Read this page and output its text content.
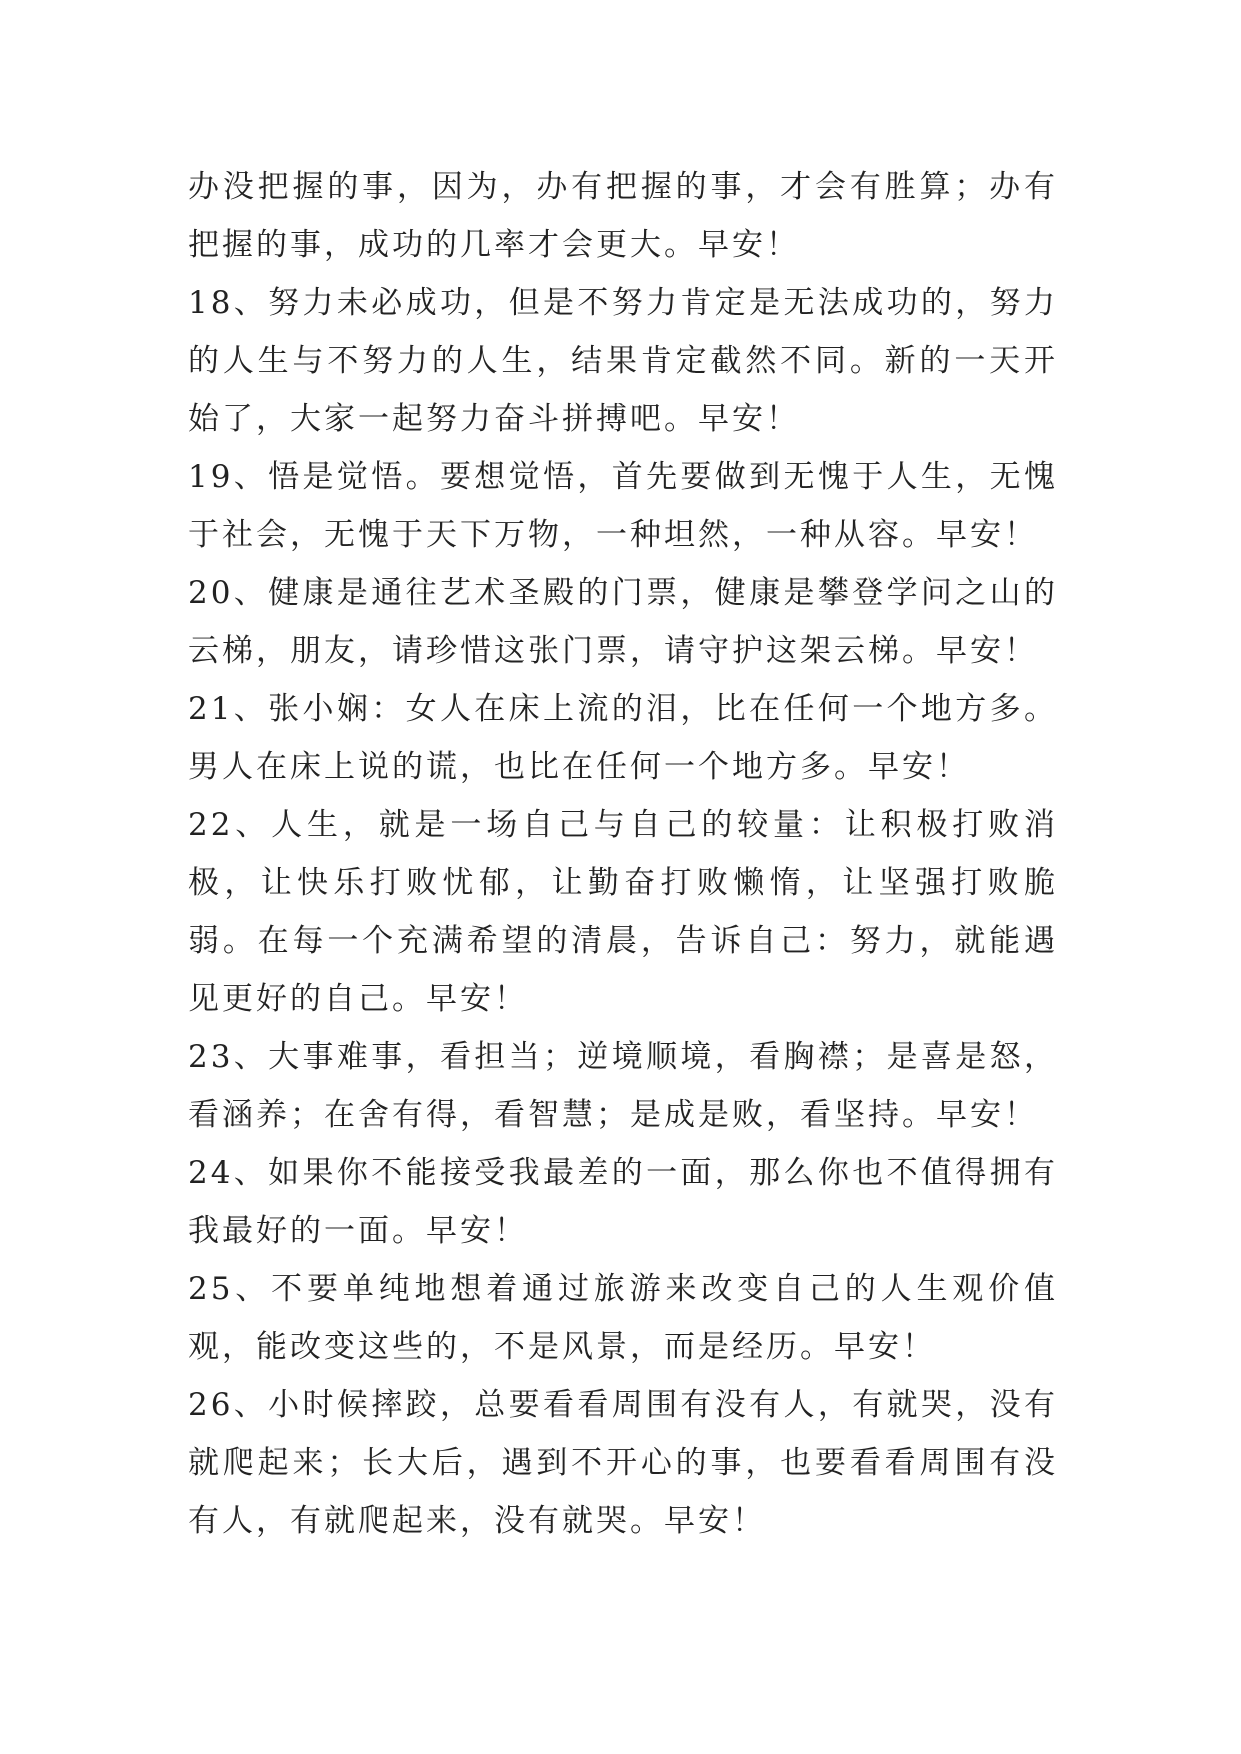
办没把握的事，因为，办有把握的事，才会有胜算；办有把握的事，成功的几率才会更大。早安！

18、努力未必成功，但是不努力肯定是无法成功的，努力的人生与不努力的人生，结果肯定截然不同。新的一天开始了，大家一起努力奋斗拼搏吧。早安！

19、悟是觉悟。要想觉悟，首先要做到无愧于人生，无愧于社会，无愧于天下万物，一种坦然，一种从容。早安！

20、健康是通往艺术圣殿的门票，健康是攀登学问之山的云梯，朋友，请珍惜这张门票，请守护这架云梯。早安！

21、张小娴：女人在床上流的泪，比在任何一个地方多。男人在床上说的谎，也比在任何一个地方多。早安！

22、人生，就是一场自己与自己的较量：让积极打败消极，让快乐打败忧郁，让勤奋打败懒惰，让坚强打败脆弱。在每一个充满希望的清晨，告诉自己：努力，就能遇见更好的自己。早安！

23、大事难事，看担当；逆境顺境，看胸襟；是喜是怒，看涵养；在舍有得，看智慧；是成是败，看坚持。早安！

24、如果你不能接受我最差的一面，那么你也不值得拥有我最好的一面。早安！

25、不要单纯地想着通过旅游来改变自己的人生观价值观，能改变这些的，不是风景，而是经历。早安！

26、小时候摔跤，总要看看周围有没有人，有就哭，没有就爬起来；长大后，遇到不开心的事，也要看看周围有没有人，有就爬起来，没有就哭。早安！
